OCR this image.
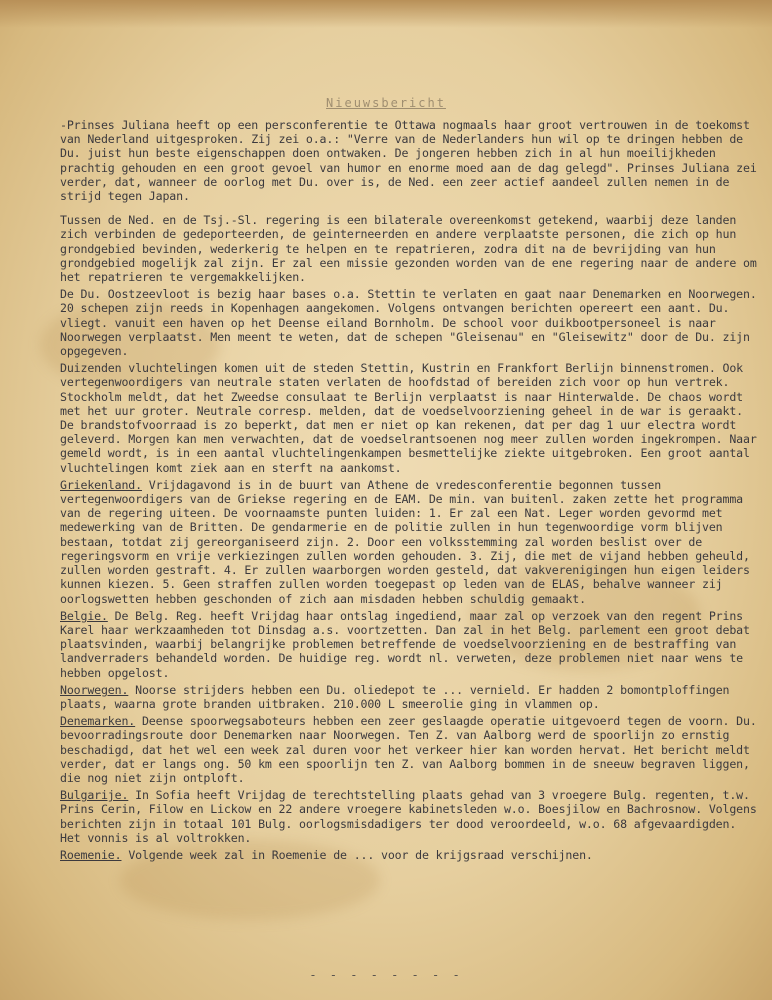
Nieuwsbericht

-Prinses Juliana heeft op een persconferentie te Ottawa nogmaals haar groot vertrouwen in de toekomst van Nederland uitgesproken. Zij zei o.a.: "Verre van de Nederlanders hun wil op te dringen hebben de Du. juist hun beste eigenschappen doen ontwaken. De jongeren hebben zich in al hun moeilijkheden prachtig gehouden en een groot gevoel van humor en enorme moed aan de dag gelegd". Prinses Juliana zei verder, dat, wanneer de oorlog met Du. over is, de Ned. een zeer actief aandeel zullen nemen in de strijd tegen Japan.

Tussen de Ned. en de Tsj.-Sl. regering is een bilaterale overeenkomst getekend, waarbij deze landen zich verbinden de gedeporteerden, de geinterneerden en andere verplaatste personen, die zich op hun grondgebied bevinden, wederkerig te helpen en te repatrieren, zodra dit na de bevrijding van hun grondgebied mogelijk zal zijn. Er zal een missie gezonden worden van de ene regering naar de andere om het repatrieren te vergemakkelijken.

De Du. Oostzeevloot is bezig haar bases o.a. Stettin te verlaten en gaat naar Denemarken en Noorwegen. 20 schepen zijn reeds in Kopenhagen aangekomen. Volgens ontvangen berichten opereert een aant. Du. vliegt. vanuit een haven op het Deense eiland Bornholm. De school voor duikbootpersoneel is naar Noorwegen verplaatst. Men meent te weten, dat de schepen "Gleisenau" en "Gleisewitz" door de Du. zijn opgegeven.

Duizenden vluchtelingen komen uit de steden Stettin, Kustrin en Frankfort Berlijn binnenstromen. Ook vertegenwoordigers van neutrale staten verlaten de hoofdstad of bereiden zich voor op hun vertrek. Stockholm meldt, dat het Zweedse consulaat te Berlijn verplaatst is naar Hinterwalde. De chaos wordt met het uur groter. Neutrale corresp. melden, dat de voedselvoorziening geheel in de war is geraakt. De brandstofvoorraad is zo beperkt, dat men er niet op kan rekenen, dat per dag 1 uur electra wordt geleverd. Morgen kan men verwachten, dat de voedselrantsoenen nog meer zullen worden ingekrompen. Naar gemeld wordt, is in een aantal vluchtelingenkampen besmettelijke ziekte uitgebroken. Een groot aantal vluchtelingen komt ziek aan en sterft na aankomst.

Griekenland. Vrijdagavond is in de buurt van Athene de vredesconferentie begonnen tussen vertegenwoordigers van de Griekse regering en de EAM. De min. van buitenl. zaken zette het programma van de regering uiteen. De voornaamste punten luiden: 1. Er zal een Nat. Leger worden gevormd met medewerking van de Britten. De gendarmerie en de politie zullen in hun tegenwoordige vorm blijven bestaan, totdat zij gereorganiseerd zijn. 2. Door een volksstemming zal worden beslist over de regeringsvorm en vrije verkiezingen zullen worden gehouden. 3. Zij, die met de vijand hebben geheuld, zullen worden gestraft. 4. Er zullen waarborgen worden gesteld, dat vakverenigingen hun eigen leiders kunnen kiezen. 5. Geen straffen zullen worden toegepast op leden van de ELAS, behalve wanneer zij oorlogswetten hebben geschonden of zich aan misdaden hebben schuldig gemaakt.

Belgie. De Belg. Reg. heeft Vrijdag haar ontslag ingediend, maar zal op verzoek van den regent Prins Karel haar werkzaamheden tot Dinsdag a.s. voortzetten. Dan zal in het Belg. parlement een groot debat plaatsvinden, waarbij belangrijke problemen betreffende de voedselvoorziening en de bestraffing van landverraders behandeld worden. De huidige reg. wordt nl. verweten, deze problemen niet naar wens te hebben opgelost.

Noorwegen. Noorse strijders hebben een Du. oliedepot te ... vernield. Er hadden 2 bomontploffingen plaats, waarna grote branden uitbraken. 210.000 L smeerolie ging in vlammen op.

Denemarken. Deense spoorwegsaboteurs hebben een zeer geslaagde operatie uitgevoerd tegen de voorn. Du. bevoorradingsroute door Denemarken naar Noorwegen. Ten Z. van Aalborg werd de spoorlijn zo ernstig beschadigd, dat het wel een week zal duren voor het verkeer hier kan worden hervat. Het bericht meldt verder, dat er langs ong. 50 km een spoorlijn ten Z. van Aalborg bommen in de sneeuw begraven liggen, die nog niet zijn ontploft.

Bulgarije. In Sofia heeft Vrijdag de terechtstelling plaats gehad van 3 vroegere Bulg. regenten, t.w. Prins Cerin, Filow en Lickow en 22 andere vroegere kabinetsleden w.o. Boesjilow en Bachrosnow. Volgens berichten zijn in totaal 101 Bulg. oorlogsmisdadigers ter dood veroordeeld, w.o. 68 afgevaardigden. Het vonnis is al voltrokken.

Roemenie. Volgende week zal in Roemenie de ... voor de krijgsraad verschijnen.

- - - - - - - -
